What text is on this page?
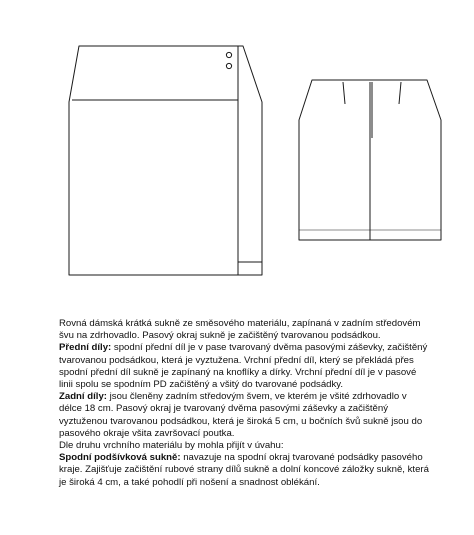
Rovná dámská krátká sukně ze směsového materiálu, zapínaná v zadním středovém švu na zdrhovadlo. Pasový okraj sukně je začištěný tvarovanou podsádkou.

Přední díly: spodní přední díl je v pase tvarovaný dvěma pasovými záševky, začištěný tvarovanou podsádkou, která je vyztužena. Vrchní přední díl, který se překládá přes spodní přední díl sukně je zapínaný na knoflíky a dírky. Vrchní přední díl je v pasové linii spolu se spodním PD začištěný a všitý do tvarované podsádky.

Zadní díly: jsou členěny zadním středovým švem, ve kterém je všité zdrhovadlo v délce 18 cm. Pasový okraj je tvarovaný dvěma pasovými záševky a začištěný vyztuženou tvarovanou podsádkou, která je široká 5 cm, u bočních švů sukně jsou do pasového okraje všita završovací poutka.

Dle druhu vrchního materiálu by mohla přijít v úvahu:

Spodní podšívková sukně: navazuje na spodní okraj tvarované podsádky pasového kraje. Zajišťuje začištění rubové strany dílů sukně a dolní koncové záložky sukně, která je široká 4 cm, a také pohodlí při nošení a snadnost oblékání.
